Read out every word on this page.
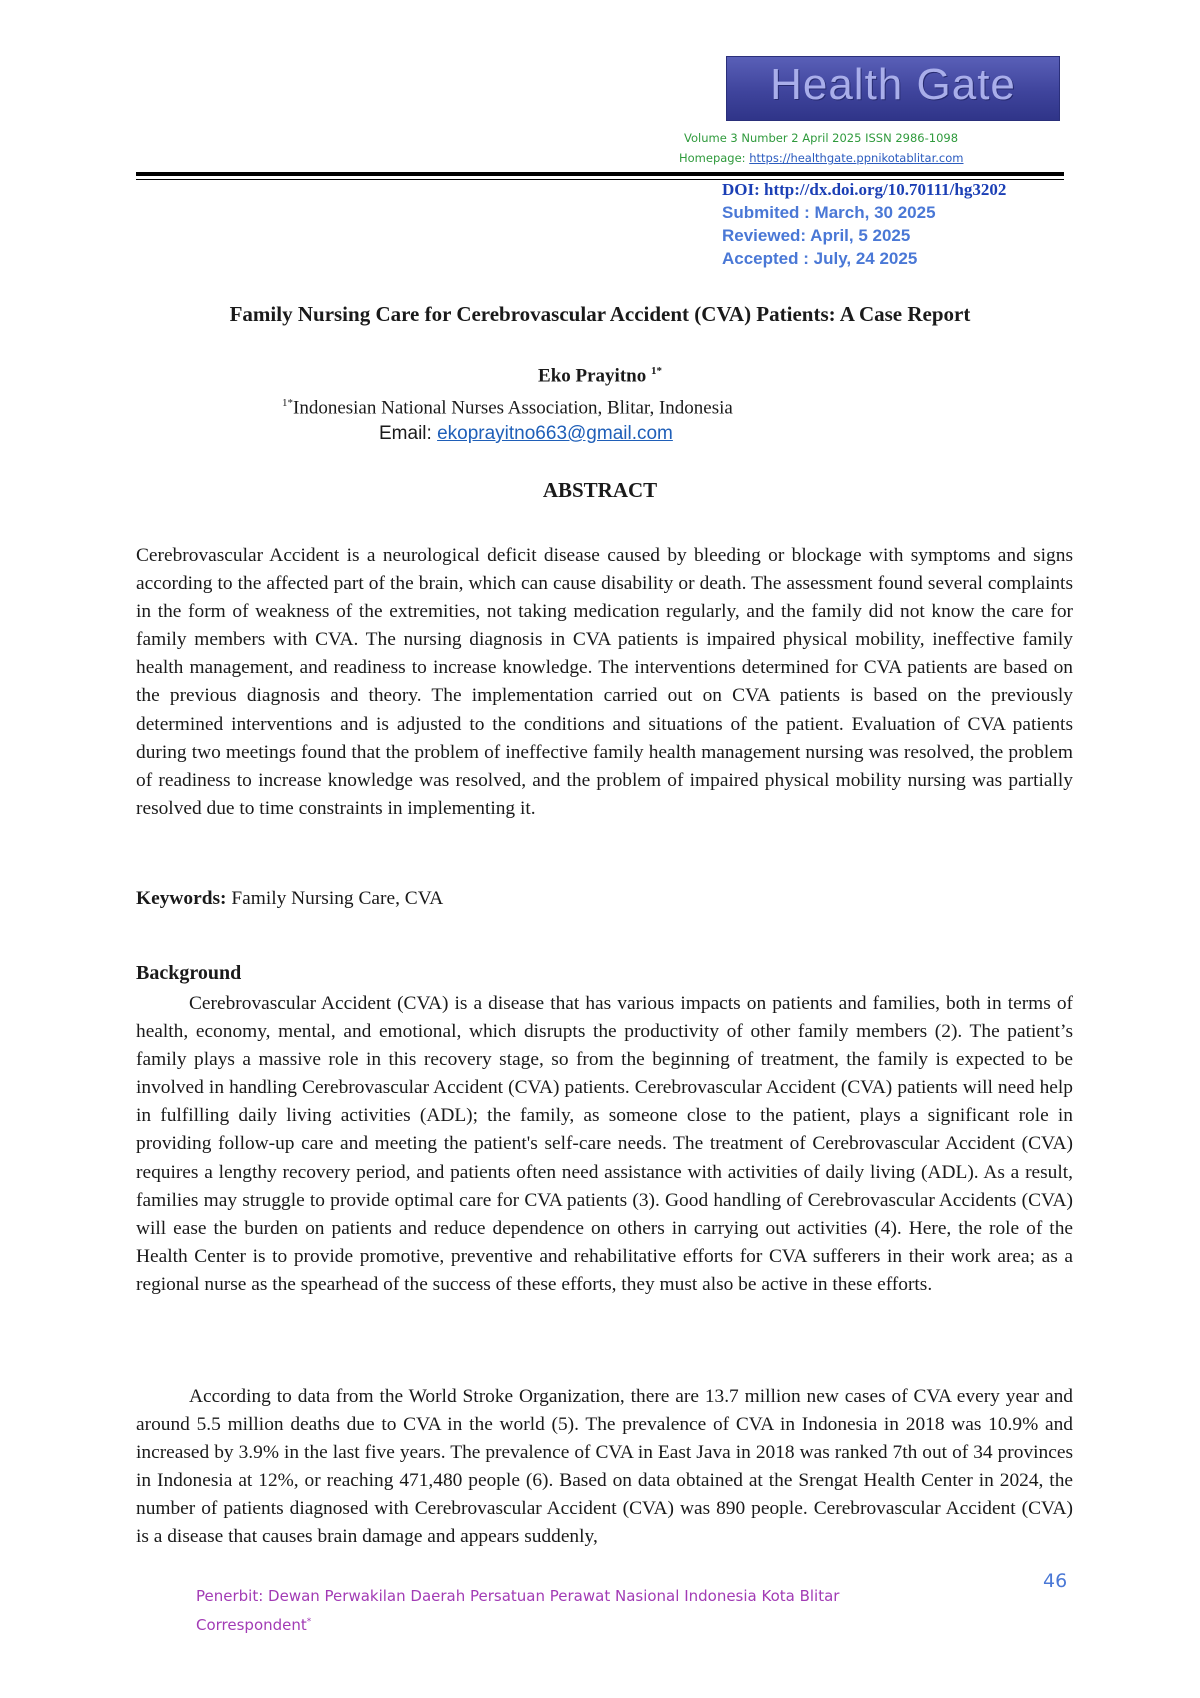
Health Gate
Volume 3 Number 2 April 2025 ISSN 2986-1098
Homepage: https://healthgate.ppnikotablitar.com
DOI: http://dx.doi.org/10.70111/hg3202
Submited : March, 30 2025
Reviewed: April, 5 2025
Accepted : July, 24 2025
Family Nursing Care for Cerebrovascular Accident (CVA) Patients: A Case Report
Eko Prayitno $^{1*}$
$^{1*}$Indonesian National Nurses Association, Blitar, Indonesia
Email: ekoprayitno663@gmail.com
ABSTRACT

Cerebrovascular Accident is a neurological deficit disease caused by bleeding or blockage with symptoms and signs according to the affected part of the brain, which can cause disability or death. The assessment found several complaints in the form of weakness of the extremities, not taking medication regularly, and the family did not know the care for family members with CVA. The nursing diagnosis in CVA patients is impaired physical mobility, ineffective family health management, and readiness to increase knowledge. The interventions determined for CVA patients are based on the previous diagnosis and theory. The implementation carried out on CVA patients is based on the previously determined interventions and is adjusted to the conditions and situations of the patient. Evaluation of CVA patients during two meetings found that the problem of ineffective family health management nursing was resolved, the problem of readiness to increase knowledge was resolved, and the problem of impaired physical mobility nursing was partially resolved due to time constraints in implementing it.

Keywords: Family Nursing Care, CVA
Background

Cerebrovascular Accident (CVA) is a disease that has various impacts on patients and families, both in terms of health, economy, mental, and emotional, which disrupts the productivity of other family members (2). The patient’s family plays a massive role in this recovery stage, so from the beginning of treatment, the family is expected to be involved in handling Cerebrovascular Accident (CVA) patients. Cerebrovascular Accident (CVA) patients will need help in fulfilling daily living activities (ADL); the family, as someone close to the patient, plays a significant role in providing follow-up care and meeting the patient's self-care needs. The treatment of Cerebrovascular Accident (CVA) requires a lengthy recovery period, and patients often need assistance with activities of daily living (ADL). As a result, families may struggle to provide optimal care for CVA patients (3). Good handling of Cerebrovascular Accidents (CVA) will ease the burden on patients and reduce dependence on others in carrying out activities (4). Here, the role of the Health Center is to provide promotive, preventive and rehabilitative efforts for CVA sufferers in their work area; as a regional nurse as the spearhead of the success of these efforts, they must also be active in these efforts.

According to data from the World Stroke Organization, there are 13.7 million new cases of CVA every year and around 5.5 million deaths due to CVA in the world (5). The prevalence of CVA in Indonesia in 2018 was 10.9% and increased by 3.9% in the last five years. The prevalence of CVA in East Java in 2018 was ranked 7th out of 34 provinces in Indonesia at 12%, or reaching 471,480 people (6). Based on data obtained at the Srengat Health Center in 2024, the number of patients diagnosed with Cerebrovascular Accident (CVA) was 890 people. Cerebrovascular Accident (CVA) is a disease that causes brain damage and appears suddenly,

Penerbit: Dewan Perwakilan Daerah Persatuan Perawat Nasional Indonesia Kota Blitar
Correspondent*
46
